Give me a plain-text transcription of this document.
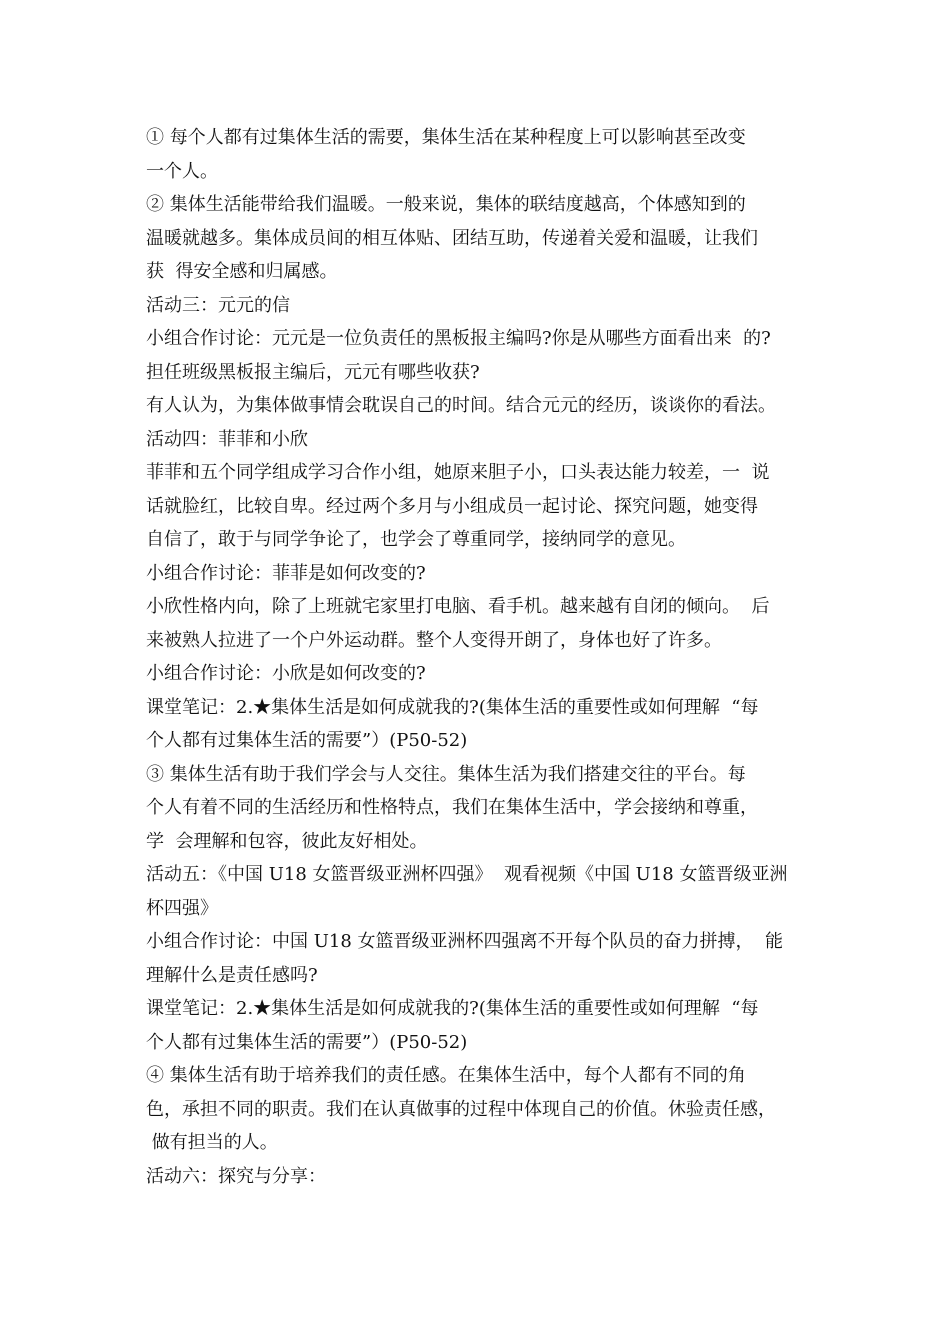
① 每个人都有过集体生活的需要，集体生活在某种程度上可以影响甚至改变
一个人。
② 集体生活能带给我们温暖。一般来说，集体的联结度越高，个体感知到的
温暖就越多。集体成员间的相互体贴、团结互助，传递着关爱和温暖，让我们
获  得安全感和归属感。
活动三：元元的信
小组合作讨论：元元是一位负责任的黑板报主编吗?你是从哪些方面看出来  的?
担任班级黑板报主编后，元元有哪些收获?
有人认为，为集体做事情会耽误自己的时间。结合元元的经历，谈谈你的看法。
活动四：菲菲和小欣
菲菲和五个同学组成学习合作小组，她原来胆子小，口头表达能力较差，一  说
话就脸红，比较自卑。经过两个多月与小组成员一起讨论、探究问题，她变得
自信了，敢于与同学争论了，也学会了尊重同学，接纳同学的意见。
小组合作讨论：菲菲是如何改变的?
小欣性格内向，除了上班就宅家里打电脑、看手机。越来越有自闭的倾向。  后
来被熟人拉进了一个户外运动群。整个人变得开朗了，身体也好了许多。
小组合作讨论：小欣是如何改变的?
课堂笔记：2.★集体生活是如何成就我的?(集体生活的重要性或如何理解  “每
个人都有过集体生活的需要”）(P50-52)
③ 集体生活有助于我们学会与人交往。集体生活为我们搭建交往的平台。每
个人有着不同的生活经历和性格特点，我们在集体生活中，学会接纳和尊重，
学  会理解和包容，彼此友好相处。
活动五：《中国 U18 女篮晋级亚洲杯四强》  观看视频《中国 U18 女篮晋级亚洲
杯四强》
小组合作讨论：中国 U18 女篮晋级亚洲杯四强离不开每个队员的奋力拼搏，  能
理解什么是责任感吗?
课堂笔记：2.★集体生活是如何成就我的?(集体生活的重要性或如何理解  “每
个人都有过集体生活的需要”）(P50-52)
④ 集体生活有助于培养我们的责任感。在集体生活中，每个人都有不同的角
色，承担不同的职责。我们在认真做事的过程中体现自己的价值。休验责任感，
做有担当的人。
活动六：探究与分享：
